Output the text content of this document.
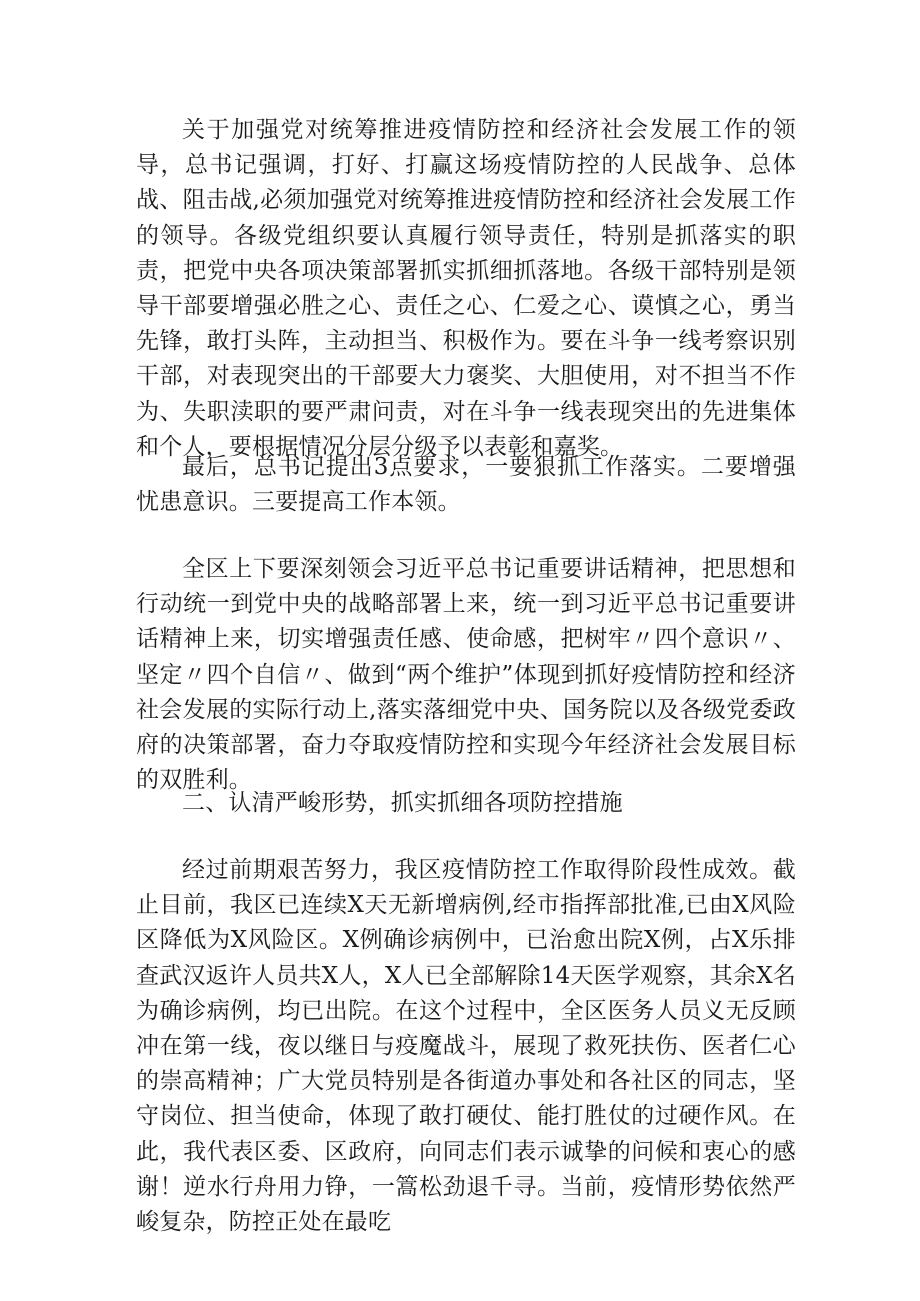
关于加强党对统筹推进疫情防控和经济社会发展工作的领导，总书记强调，打好、打赢这场疫情防控的人民战争、总体战、阻击战,必须加强党对统筹推进疫情防控和经济社会发展工作的领导。各级党组织要认真履行领导责任，特别是抓落实的职责，把党中央各项决策部署抓实抓细抓落地。各级干部特别是领导干部要增强必胜之心、责任之心、仁爱之心、谟慎之心，勇当先锋，敢打头阵，主动担当、积极作为。要在斗争一线考察识别干部，对表现突出的干部要大力褒奖、大胆使用，对不担当不作为、失职渎职的要严肃问责，对在斗争一线表现突出的先进集体和个人，要根据情况分层分级予以表彰和嘉奖。

最后，总书记提出3点要求，一要狠抓工作落实。二要增强忧患意识。三要提高工作本领。

全区上下要深刻领会习近平总书记重要讲话精神，把思想和行动统一到党中央的战略部署上来，统一到习近平总书记重要讲话精神上来，切实增强责任感、使命感，把树牢〃四个意识〃、坚定〃四个自信〃、做到“两个维护”体现到抓好疫情防控和经济社会发展的实际行动上,落实落细党中央、国务院以及各级党委政府的决策部署，奋力夺取疫情防控和实现今年经济社会发展目标的双胜利。

二、认清严峻形势，抓实抓细各项防控措施

经过前期艰苦努力，我区疫情防控工作取得阶段性成效。截止目前，我区已连续X天无新增病例,经市指挥部批准,已由X风险区降低为X风险区。X例确诊病例中，已治愈出院X例，占X乐排查武汉返许人员共X人，X人已全部解除14天医学观察，其余X名为确诊病例，均已出院。在这个过程中，全区医务人员义无反顾冲在第一线，夜以继日与疫魔战斗，展现了救死扶伤、医者仁心的崇高精神；广大党员特别是各街道办事处和各社区的同志，坚守岗位、担当使命，体现了敢打硬仗、能打胜仗的过硬作风。在此，我代表区委、区政府，向同志们表示诚挚的问候和衷心的感谢！逆水行舟用力铮，一篙松劲退千寻。当前，疫情形势依然严峻复杂，防控正处在最吃
